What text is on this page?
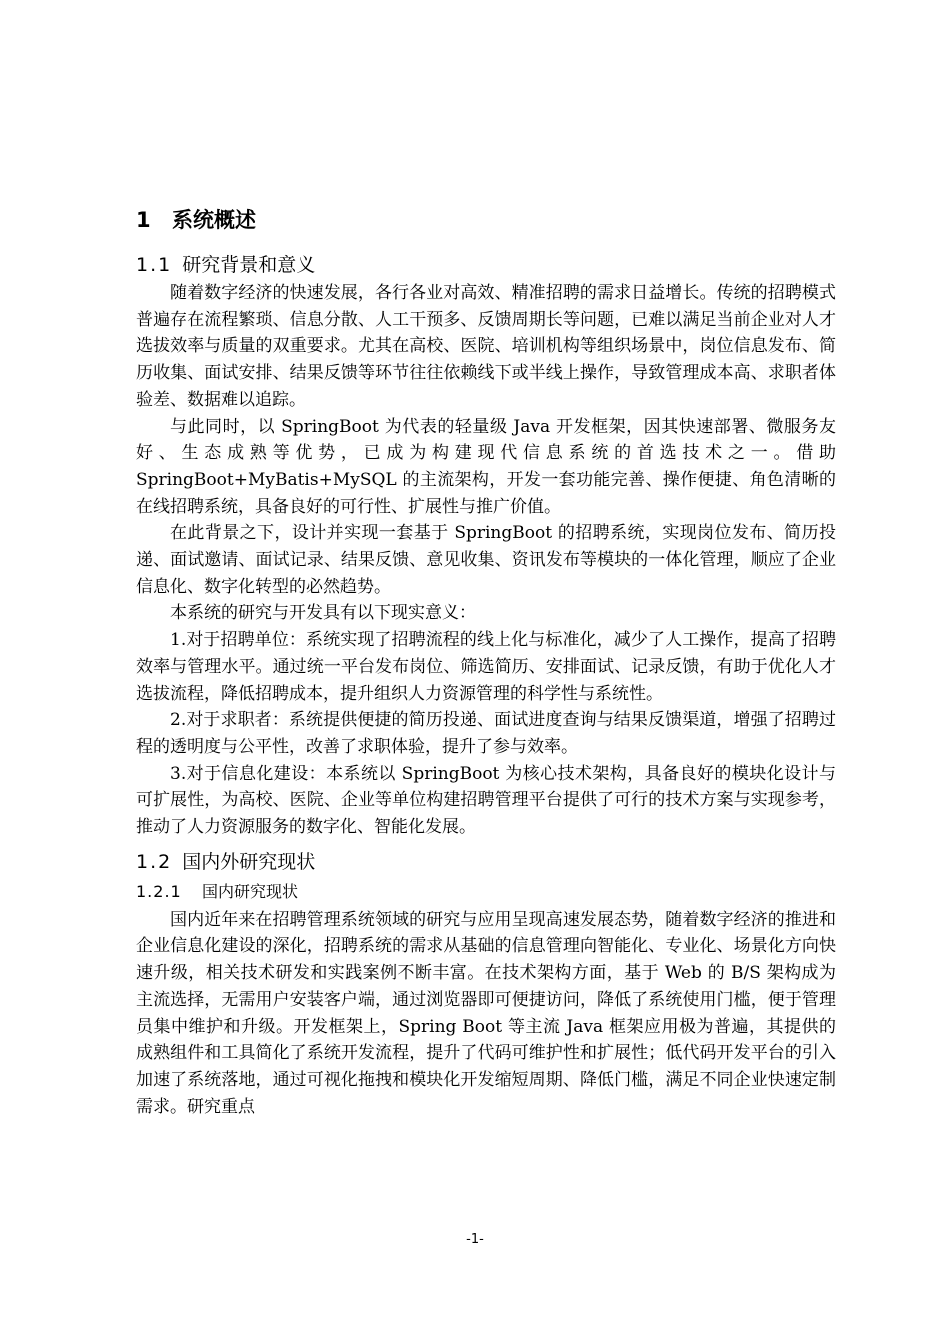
1 系统概述
1.1 研究背景和意义

随着数字经济的快速发展，各行各业对高效、精准招聘的需求日益增长。传统的招聘模式普遍存在流程繁琐、信息分散、人工干预多、反馈周期长等问题，已难以满足当前企业对人才选拔效率与质量的双重要求。尤其在高校、医院、培训机构等组织场景中，岗位信息发布、简历收集、面试安排、结果反馈等环节往往依赖线下或半线上操作，导致管理成本高、求职者体验差、数据难以追踪。

与此同时，以 SpringBoot 为代表的轻量级 Java 开发框架，因其快速部署、微服务友好、生态成熟等优势，已成为构建现代信息系统的首选技术之一。借助 SpringBoot+MyBatis+MySQL 的主流架构，开发一套功能完善、操作便捷、角色清晰的在线招聘系统，具备良好的可行性、扩展性与推广价值。

在此背景之下，设计并实现一套基于 SpringBoot 的招聘系统，实现岗位发布、简历投递、面试邀请、面试记录、结果反馈、意见收集、资讯发布等模块的一体化管理，顺应了企业信息化、数字化转型的必然趋势。

本系统的研究与开发具有以下现实意义：

1.对于招聘单位：系统实现了招聘流程的线上化与标准化，减少了人工操作，提高了招聘效率与管理水平。通过统一平台发布岗位、筛选简历、安排面试、记录反馈，有助于优化人才选拔流程，降低招聘成本，提升组织人力资源管理的科学性与系统性。

2.对于求职者：系统提供便捷的简历投递、面试进度查询与结果反馈渠道，增强了招聘过程的透明度与公平性，改善了求职体验，提升了参与效率。

3.对于信息化建设：本系统以 SpringBoot 为核心技术架构，具备良好的模块化设计与可扩展性，为高校、医院、企业等单位构建招聘管理平台提供了可行的技术方案与实现参考，推动了人力资源服务的数字化、智能化发展。

1.2 国内外研究现状
1.2.1 国内研究现状

国内近年来在招聘管理系统领域的研究与应用呈现高速发展态势，随着数字经济的推进和企业信息化建设的深化，招聘系统的需求从基础的信息管理向智能化、专业化、场景化方向快速升级，相关技术研发和实践案例不断丰富。在技术架构方面，基于 Web 的 B/S 架构成为主流选择，无需用户安装客户端，通过浏览器即可便捷访问，降低了系统使用门槛，便于管理员集中维护和升级。开发框架上，Spring Boot 等主流 Java 框架应用极为普遍，其提供的成熟组件和工具简化了系统开发流程，提升了代码可维护性和扩展性；低代码开发平台的引入加速了系统落地，通过可视化拖拽和模块化开发缩短周期、降低门槛，满足不同企业快速定制需求。研究重点

-1-
